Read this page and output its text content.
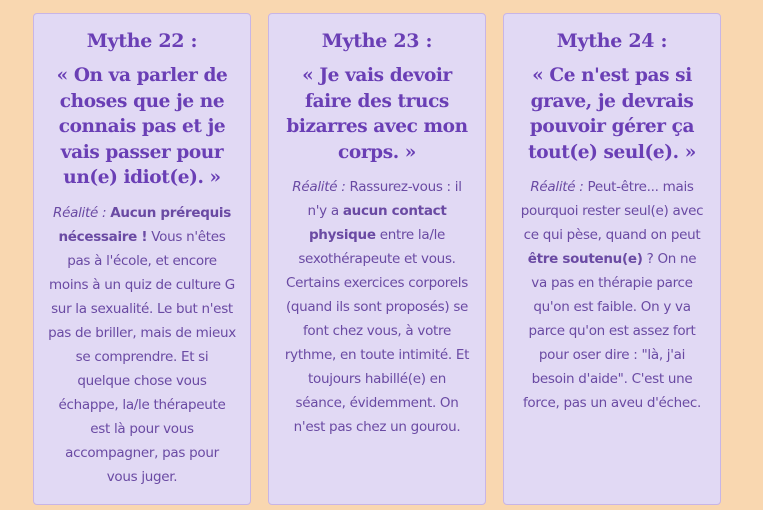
Mythe 22 :
« On va parler de choses que je ne connais pas et je vais passer pour un(e) idiot(e). »

Réalité : Aucun prérequis nécessaire ! Vous n'êtes pas à l'école, et encore moins à un quiz de culture G sur la sexualité. Le but n'est pas de briller, mais de mieux se comprendre. Et si quelque chose vous échappe, la/le thérapeute est là pour vous accompagner, pas pour vous juger.

Mythe 23 :
« Je vais devoir faire des trucs bizarres avec mon corps. »

Réalité : Rassurez-vous : il n'y a aucun contact physique entre la/le sexothérapeute et vous. Certains exercices corporels (quand ils sont proposés) se font chez vous, à votre rythme, en toute intimité. Et toujours habillé(e) en séance, évidemment. On n'est pas chez un gourou.

Mythe 24 :
« Ce n'est pas si grave, je devrais pouvoir gérer ça tout(e) seul(e). »

Réalité : Peut-être... mais pourquoi rester seul(e) avec ce qui pèse, quand on peut être soutenu(e) ? On ne va pas en thérapie parce qu'on est faible. On y va parce qu'on est assez fort pour oser dire : "là, j'ai besoin d'aide". C'est une force, pas un aveu d'échec.
